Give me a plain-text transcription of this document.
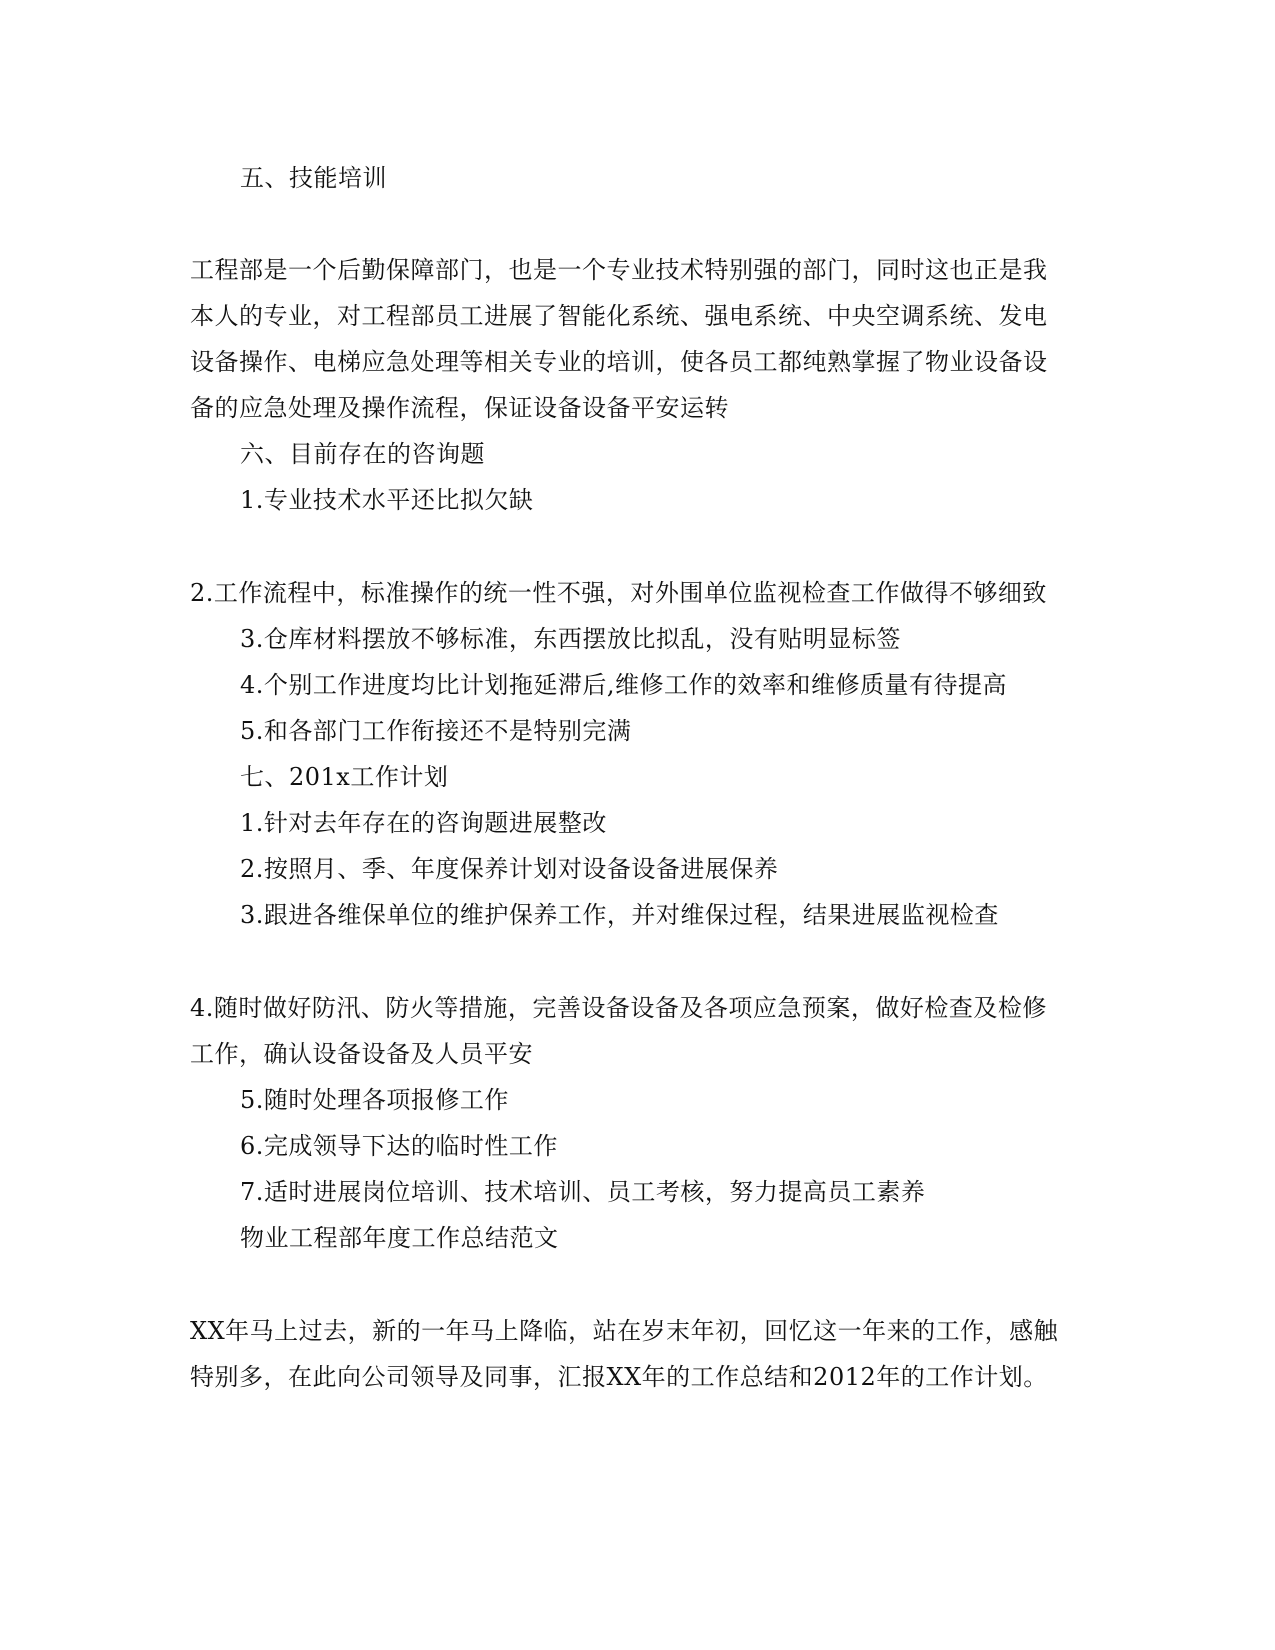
五、技能培训
工程部是一个后勤保障部门，也是一个专业技术特别强的部门，同时这也正是我
本人的专业，对工程部员工进展了智能化系统、强电系统、中央空调系统、发电
设备操作、电梯应急处理等相关专业的培训，使各员工都纯熟掌握了物业设备设
备的应急处理及操作流程，保证设备设备平安运转
六、目前存在的咨询题
1.专业技术水平还比拟欠缺
2.工作流程中，标准操作的统一性不强，对外围单位监视检查工作做得不够细致
3.仓库材料摆放不够标准，东西摆放比拟乱，没有贴明显标签
4.个别工作进度均比计划拖延滞后,维修工作的效率和维修质量有待提高
5.和各部门工作衔接还不是特别完满
七、201x工作计划
1.针对去年存在的咨询题进展整改
2.按照月、季、年度保养计划对设备设备进展保养
3.跟进各维保单位的维护保养工作，并对维保过程，结果进展监视检查
4.随时做好防汛、防火等措施，完善设备设备及各项应急预案，做好检查及检修
工作，确认设备设备及人员平安
5.随时处理各项报修工作
6.完成领导下达的临时性工作
7.适时进展岗位培训、技术培训、员工考核，努力提高员工素养
物业工程部年度工作总结范文
XX年马上过去，新的一年马上降临，站在岁末年初，回忆这一年来的工作，感触
特别多，在此向公司领导及同事，汇报XX年的工作总结和2012年的工作计划。
